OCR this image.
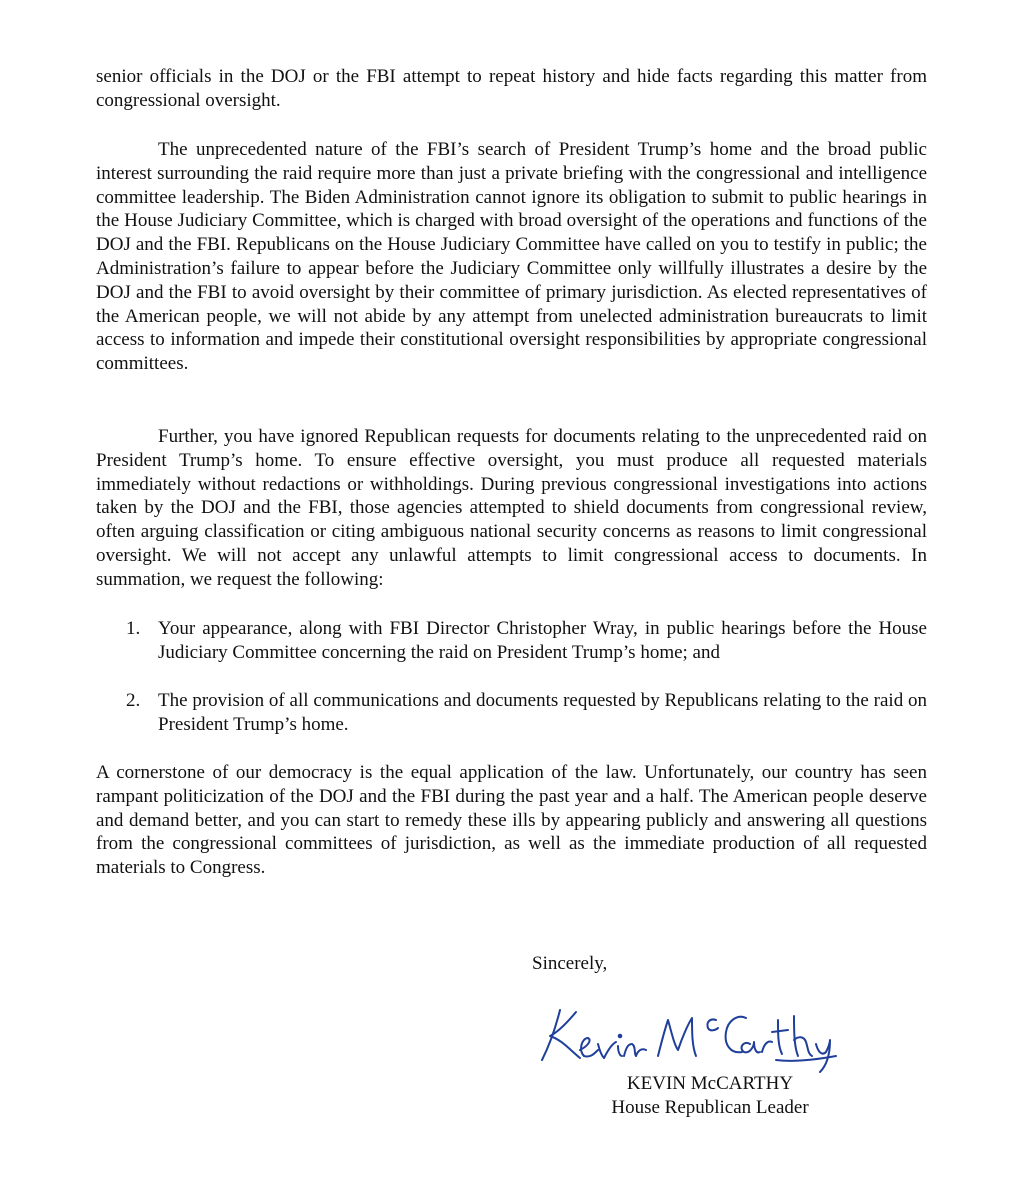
senior officials in the DOJ or the FBI attempt to repeat history and hide facts regarding this matter from congressional oversight.

The unprecedented nature of the FBI’s search of President Trump’s home and the broad public interest surrounding the raid require more than just a private briefing with the congressional and intelligence committee leadership. The Biden Administration cannot ignore its obligation to submit to public hearings in the House Judiciary Committee, which is charged with broad oversight of the operations and functions of the DOJ and the FBI. Republicans on the House Judiciary Committee have called on you to testify in public; the Administration’s failure to appear before the Judiciary Committee only willfully illustrates a desire by the DOJ and the FBI to avoid oversight by their committee of primary jurisdiction. As elected representatives of the American people, we will not abide by any attempt from unelected administration bureaucrats to limit access to information and impede their constitutional oversight responsibilities by appropriate congressional committees.

Further, you have ignored Republican requests for documents relating to the unprecedented raid on President Trump’s home. To ensure effective oversight, you must produce all requested materials immediately without redactions or withholdings. During previous congressional investigations into actions taken by the DOJ and the FBI, those agencies attempted to shield documents from congressional review, often arguing classification or citing ambiguous national security concerns as reasons to limit congressional oversight. We will not accept any unlawful attempts to limit congressional access to documents. In summation, we request the following:

1. Your appearance, along with FBI Director Christopher Wray, in public hearings before the House Judiciary Committee concerning the raid on President Trump’s home; and
2. The provision of all communications and documents requested by Republicans relating to the raid on President Trump’s home.

A cornerstone of our democracy is the equal application of the law. Unfortunately, our country has seen rampant politicization of the DOJ and the FBI during the past year and a half. The American people deserve and demand better, and you can start to remedy these ills by appearing publicly and answering all questions from the congressional committees of jurisdiction, as well as the immediate production of all requested materials to Congress.

Sincerely,
KEVIN McCARTHY
House Republican Leader
